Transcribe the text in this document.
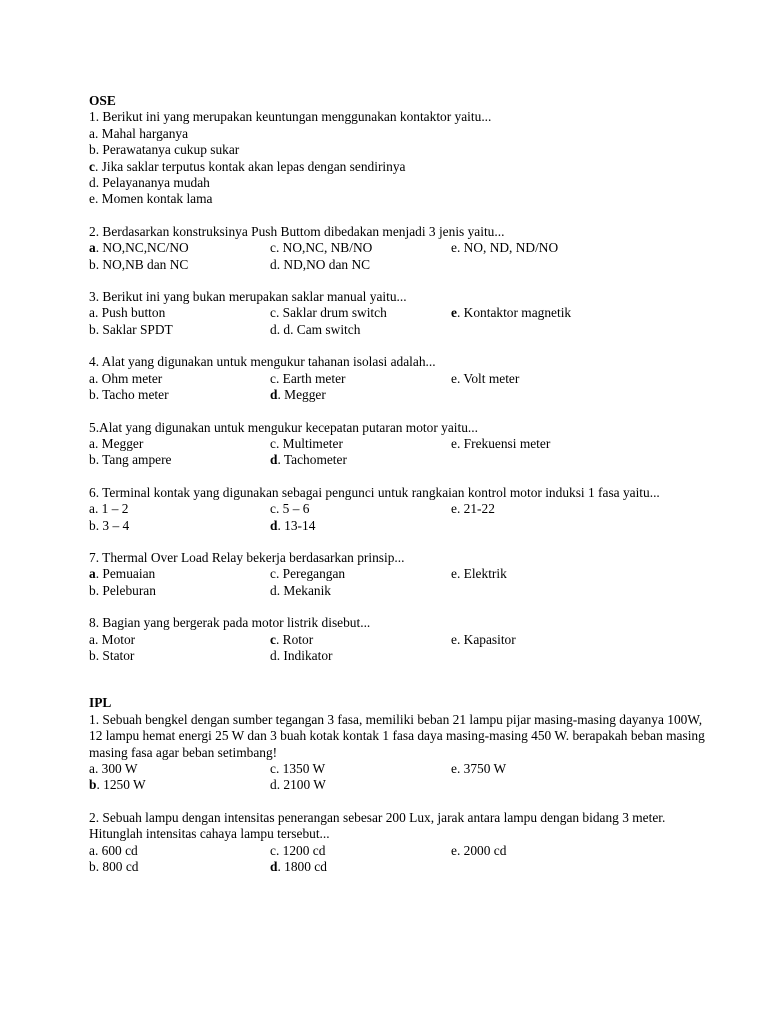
OSE
1. Berikut ini yang merupakan keuntungan menggunakan kontaktor yaitu...
a. Mahal harganya
b. Perawatanya cukup sukar
c. Jika saklar terputus kontak akan lepas dengan sendirinya
d. Pelayananya mudah
e. Momen kontak lama
2. Berdasarkan konstruksinya Push Buttom dibedakan menjadi 3 jenis yaitu...
a. NO,NC,NC/NO	c. NO,NC, NB/NO	e. NO, ND, ND/NO
b. NO,NB dan NC	d. ND,NO dan NC
3. Berikut ini yang bukan merupakan saklar manual yaitu...
a. Push button	c. Saklar drum switch	e. Kontaktor magnetik
b. Saklar SPDT	d. d. Cam switch
4. Alat yang digunakan untuk mengukur tahanan isolasi adalah...
a. Ohm meter	c. Earth meter	e. Volt meter
b. Tacho meter	d. Megger
5.Alat yang digunakan untuk mengukur kecepatan putaran motor yaitu...
a. Megger	c. Multimeter	e. Frekuensi meter
b. Tang ampere	d. Tachometer
6. Terminal kontak yang digunakan sebagai pengunci untuk rangkaian kontrol motor induksi 1 fasa yaitu...
a. 1 – 2	c. 5 – 6	e. 21-22
b. 3 – 4	d. 13-14
7. Thermal Over Load Relay bekerja berdasarkan prinsip...
a. Pemuaian	c. Peregangan	e. Elektrik
b. Peleburan	d. Mekanik
8. Bagian yang bergerak pada motor listrik disebut...
a. Motor	c. Rotor	e. Kapasitor
b. Stator	d. Indikator
IPL
1. Sebuah bengkel dengan sumber tegangan 3 fasa, memiliki beban 21 lampu pijar masing-masing dayanya 100W, 12 lampu hemat energi 25 W dan 3 buah kotak kontak 1 fasa daya masing-masing 450 W. berapakah beban masing masing fasa agar beban setimbang!
a. 300 W	c. 1350 W	e. 3750 W
b. 1250 W	d. 2100 W
2. Sebuah lampu dengan intensitas penerangan sebesar 200 Lux, jarak antara lampu dengan bidang 3 meter. Hitunglah intensitas cahaya lampu tersebut...
a. 600 cd	c. 1200 cd	e. 2000 cd
b. 800 cd	d. 1800 cd
